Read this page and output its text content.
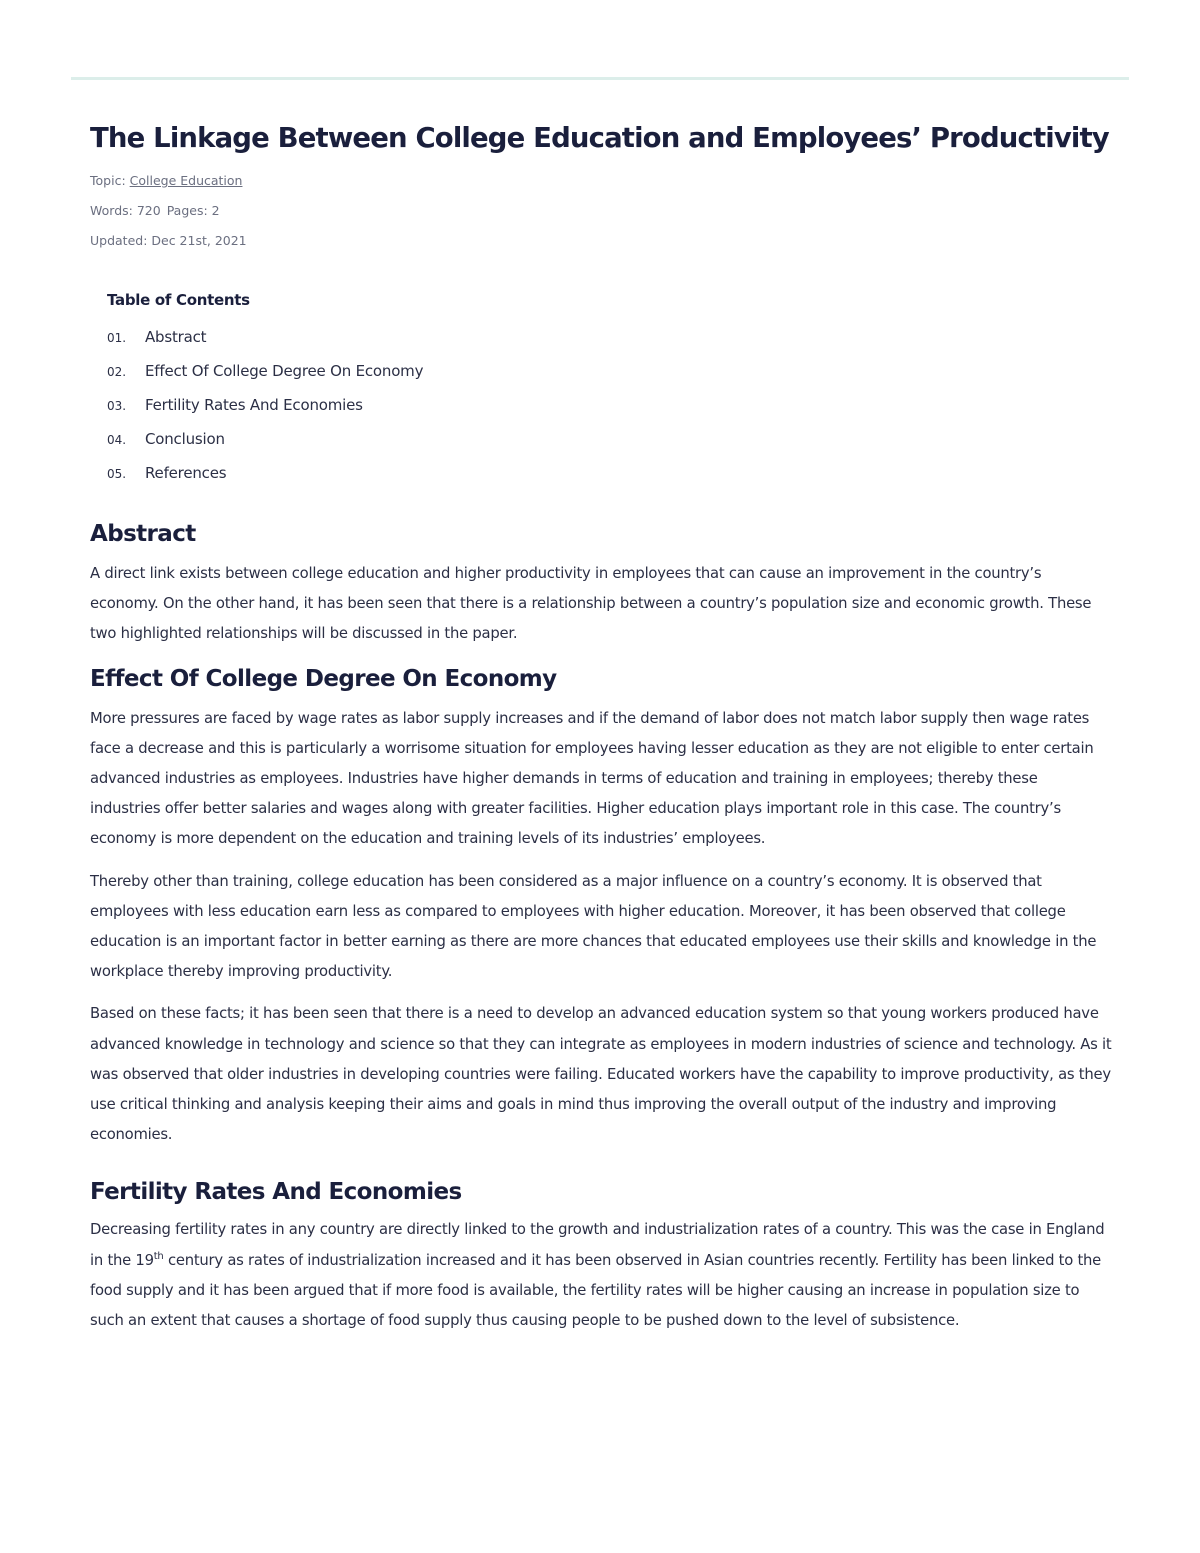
The Linkage Between College Education and Employees’ Productivity

Topic: College Education

Words: 720 Pages: 2

Updated: Dec 21st, 2021

Table of Contents
01.	Abstract
02.	Effect Of College Degree On Economy
03.	Fertility Rates And Economies
04.	Conclusion
05.	References
Abstract

A direct link exists between college education and higher productivity in employees that can cause an improvement in the country’s economy. On the other hand, it has been seen that there is a relationship between a country’s population size and economic growth. These two highlighted relationships will be discussed in the paper.

Effect Of College Degree On Economy

More pressures are faced by wage rates as labor supply increases and if the demand of labor does not match labor supply then wage rates face a decrease and this is particularly a worrisome situation for employees having lesser education as they are not eligible to enter certain advanced industries as employees. Industries have higher demands in terms of education and training in employees; thereby these industries offer better salaries and wages along with greater facilities. Higher education plays important role in this case. The country’s economy is more dependent on the education and training levels of its industries’ employees.

Thereby other than training, college education has been considered as a major influence on a country’s economy. It is observed that employees with less education earn less as compared to employees with higher education. Moreover, it has been observed that college education is an important factor in better earning as there are more chances that educated employees use their skills and knowledge in the workplace thereby improving productivity.

Based on these facts; it has been seen that there is a need to develop an advanced education system so that young workers produced have advanced knowledge in technology and science so that they can integrate as employees in modern industries of science and technology. As it was observed that older industries in developing countries were failing. Educated workers have the capability to improve productivity, as they use critical thinking and analysis keeping their aims and goals in mind thus improving the overall output of the industry and improving economies.

Fertility Rates And Economies

Decreasing fertility rates in any country are directly linked to the growth and industrialization rates of a country. This was the case in England in the 19th century as rates of industrialization increased and it has been observed in Asian countries recently. Fertility has been linked to the food supply and it has been argued that if more food is available, the fertility rates will be higher causing an increase in population size to such an extent that causes a shortage of food supply thus causing people to be pushed down to the level of subsistence.
